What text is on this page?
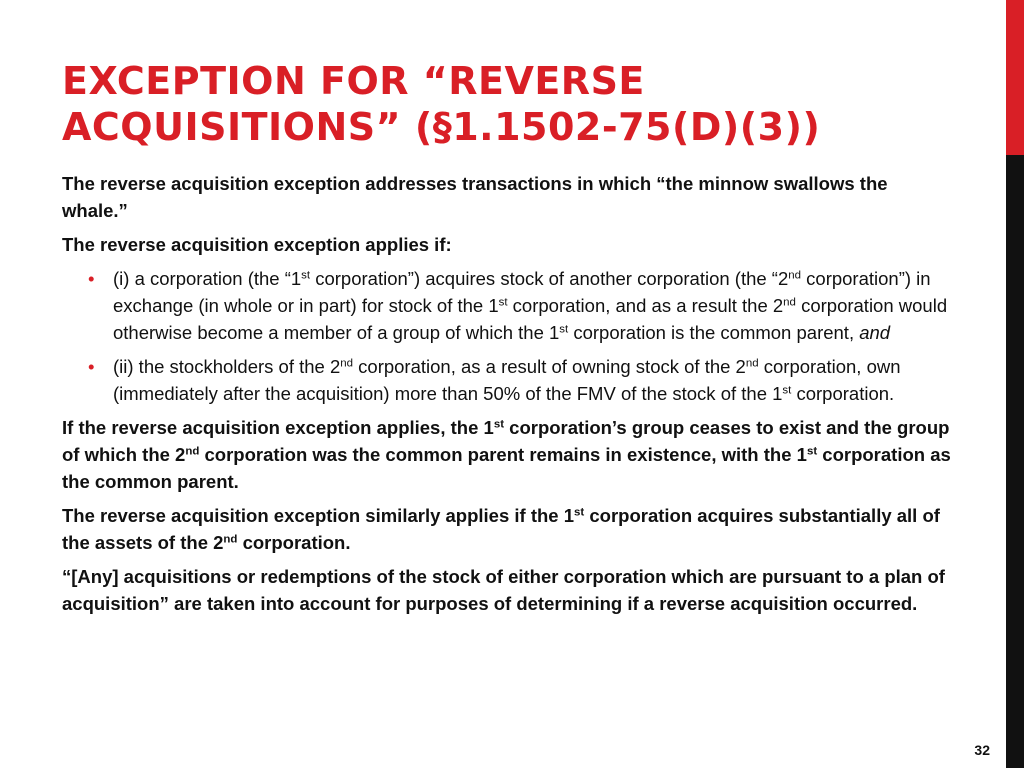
EXCEPTION FOR “REVERSE ACQUISITIONS” (§1.1502-75(D)(3))

The reverse acquisition exception addresses transactions in which “the minnow swallows the whale.”

The reverse acquisition exception applies if:

• (i) a corporation (the “1st corporation”) acquires stock of another corporation (the “2nd corporation”) in exchange (in whole or in part) for stock of the 1st corporation, and as a result the 2nd corporation would otherwise become a member of a group of which the 1st corporation is the common parent, and
• (ii) the stockholders of the 2nd corporation, as a result of owning stock of the 2nd corporation, own (immediately after the acquisition) more than 50% of the FMV of the stock of the 1st corporation.

If the reverse acquisition exception applies, the 1st corporation’s group ceases to exist and the group of which the 2nd corporation was the common parent remains in existence, with the 1st corporation as the common parent.

The reverse acquisition exception similarly applies if the 1st corporation acquires substantially all of the assets of the 2nd corporation.

“[Any] acquisitions or redemptions of the stock of either corporation which are pursuant to a plan of acquisition” are taken into account for purposes of determining if a reverse acquisition occurred.

32
